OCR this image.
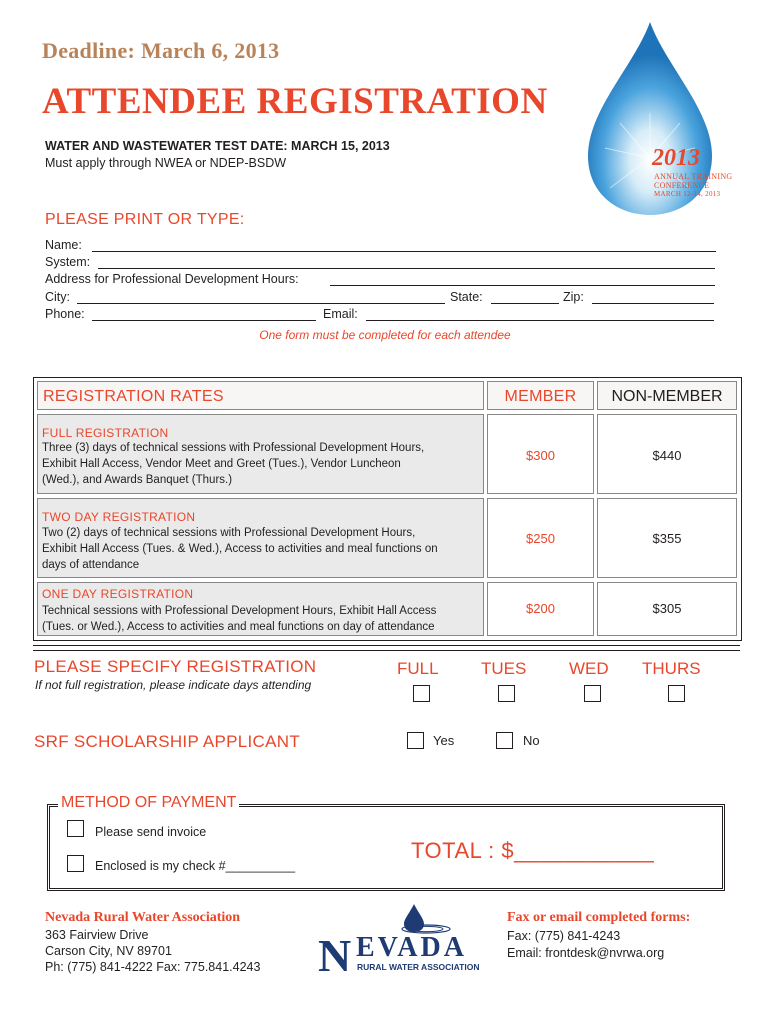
Deadline: March 6, 2013
ATTENDEE REGISTRATION
WATER AND WASTEWATER TEST DATE: MARCH 15, 2013
Must apply through NWEA or NDEP-BSDW	2013
ANNUAL TRAINING
CONFERENCE
MARCH 12-14, 2013
PLEASE PRINT OR TYPE:
Name:
System:
Address for Professional Development Hours:
City:	State:	Zip:
Phone:	Email:
One form must be completed for each attendee
REGISTRATION RATES	MEMBER	NON-MEMBER
FULL REGISTRATION
Three (3) days of technical sessions with Professional Development Hours,
Exhibit Hall Access, Vendor Meet and Greet (Tues.), Vendor Luncheon
(Wed.), and Awards Banquet (Thurs.)
$300	$440
TWO DAY REGISTRATION
Two (2) days of technical sessions with Professional Development Hours,
Exhibit Hall Access (Tues. & Wed.), Access to activities and meal functions on
days of attendance
$250	$355
ONE DAY REGISTRATION
Technical sessions with Professional Development Hours, Exhibit Hall Access
(Tues. or Wed.), Access to activities and meal functions on day of attendance
$200	$305
PLEASE SPECIFY REGISTRATION
If not full registration, please indicate days attending
FULL TUES	WED THURS
SRF SCHOLARSHIP APPLICANT	Yes	No
METHOD OF PAYMENT
Please send invoice
Enclosed is my check #__________
TOTAL : $___________
Nevada Rural Water Association
363 Fairview Drive
Carson City, NV 89701
Ph: (775) 841-4222 Fax: 775.841.4243 N EVADA
RURAL WATER ASSOCIATION
Fax or email completed forms:
Fax: (775) 841-4243
Email: frontdesk@nvrwa.org
